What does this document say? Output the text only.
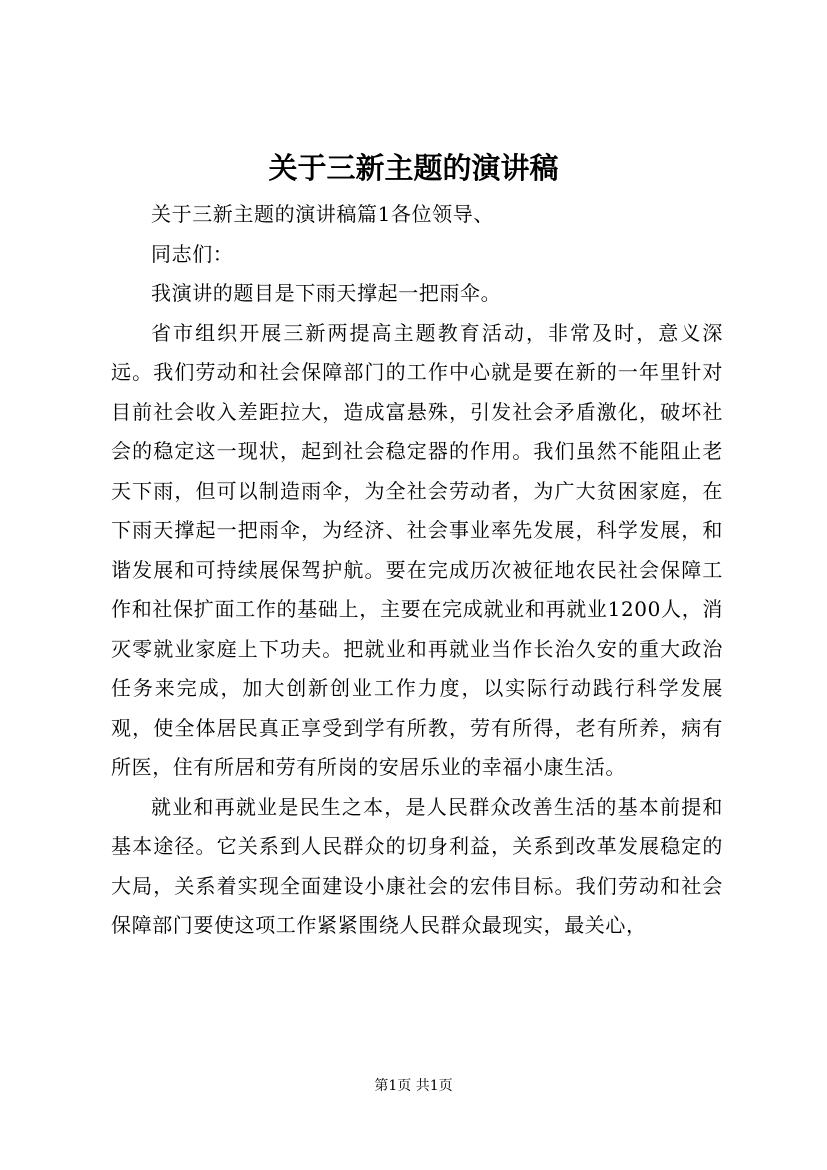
关于三新主题的演讲稿

关于三新主题的演讲稿篇1各位领导、

同志们：

我演讲的题目是下雨天撑起一把雨伞。

省市组织开展三新两提高主题教育活动，非常及时，意义深远。我们劳动和社会保障部门的工作中心就是要在新的一年里针对目前社会收入差距拉大，造成富悬殊，引发社会矛盾激化，破坏社会的稳定这一现状，起到社会稳定器的作用。我们虽然不能阻止老天下雨，但可以制造雨伞，为全社会劳动者，为广大贫困家庭，在下雨天撑起一把雨伞，为经济、社会事业率先发展，科学发展，和谐发展和可持续展保驾护航。要在完成历次被征地农民社会保障工作和社保扩面工作的基础上，主要在完成就业和再就业1200人，消灭零就业家庭上下功夫。把就业和再就业当作长治久安的重大政治任务来完成，加大创新创业工作力度，以实际行动践行科学发展观，使全体居民真正享受到学有所教，劳有所得，老有所养，病有所医，住有所居和劳有所岗的安居乐业的幸福小康生活。

就业和再就业是民生之本，是人民群众改善生活的基本前提和基本途径。它关系到人民群众的切身利益，关系到改革发展稳定的大局，关系着实现全面建设小康社会的宏伟目标。我们劳动和社会保障部门要使这项工作紧紧围绕人民群众最现实，最关心，

第1页 共1页
